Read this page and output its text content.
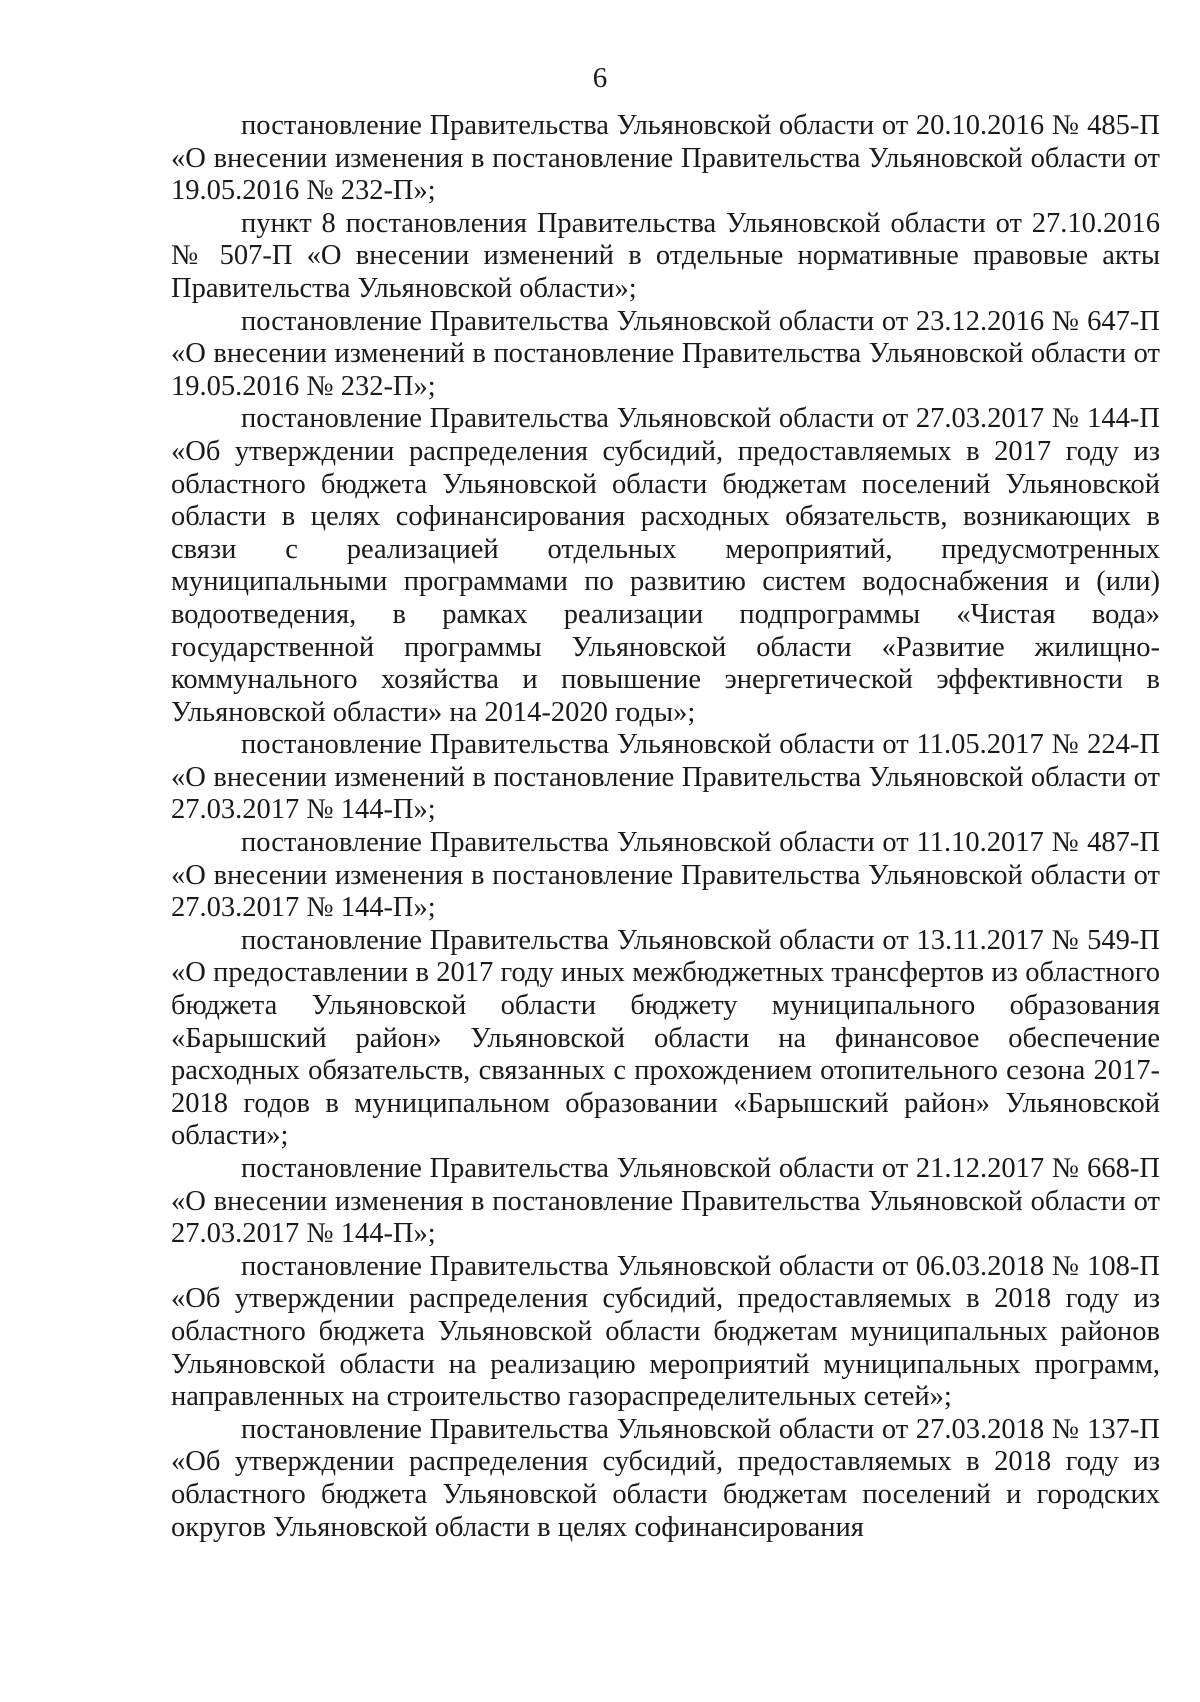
6

постановление Правительства Ульяновской области от 20.10.2016 № 485-П «О внесении изменения в постановление Правительства Ульяновской области от 19.05.2016 № 232-П»;

пункт 8 постановления Правительства Ульяновской области от 27.10.2016 № 507-П «О внесении изменений в отдельные нормативные правовые акты Правительства Ульяновской области»;

постановление Правительства Ульяновской области от 23.12.2016 № 647-П «О внесении изменений в постановление Правительства Ульяновской области от 19.05.2016 № 232-П»;

постановление Правительства Ульяновской области от 27.03.2017 № 144-П «Об утверждении распределения субсидий, предоставляемых в 2017 году из областного бюджета Ульяновской области бюджетам поселений Ульяновской области в целях софинансирования расходных обязательств, возникающих в связи с реализацией отдельных мероприятий, предусмотренных муниципальными программами по развитию систем водоснабжения и (или) водоотведения, в рамках реализации подпрограммы «Чистая вода» государственной программы Ульяновской области «Развитие жилищно-коммунального хозяйства и повышение энергетической эффективности в Ульяновской области» на 2014-2020 годы»;

постановление Правительства Ульяновской области от 11.05.2017 № 224-П «О внесении изменений в постановление Правительства Ульяновской области от 27.03.2017 № 144-П»;

постановление Правительства Ульяновской области от 11.10.2017 № 487-П «О внесении изменения в постановление Правительства Ульяновской области от 27.03.2017 № 144-П»;

постановление Правительства Ульяновской области от 13.11.2017 № 549-П «О предоставлении в 2017 году иных межбюджетных трансфертов из областного бюджета Ульяновской области бюджету муниципального образования «Барышский район» Ульяновской области на финансовое обеспечение расходных обязательств, связанных с прохождением отопительного сезона 2017-2018 годов в муниципальном образовании «Барышский район» Ульяновской области»;

постановление Правительства Ульяновской области от 21.12.2017 № 668-П «О внесении изменения в постановление Правительства Ульяновской области от 27.03.2017 № 144-П»;

постановление Правительства Ульяновской области от 06.03.2018 № 108-П «Об утверждении распределения субсидий, предоставляемых в 2018 году из областного бюджета Ульяновской области бюджетам муниципальных районов Ульяновской области на реализацию мероприятий муниципальных программ, направленных на строительство газораспределительных сетей»;

постановление Правительства Ульяновской области от 27.03.2018 № 137-П «Об утверждении распределения субсидий, предоставляемых в 2018 году из областного бюджета Ульяновской области бюджетам поселений и городских округов Ульяновской области в целях софинансирования
